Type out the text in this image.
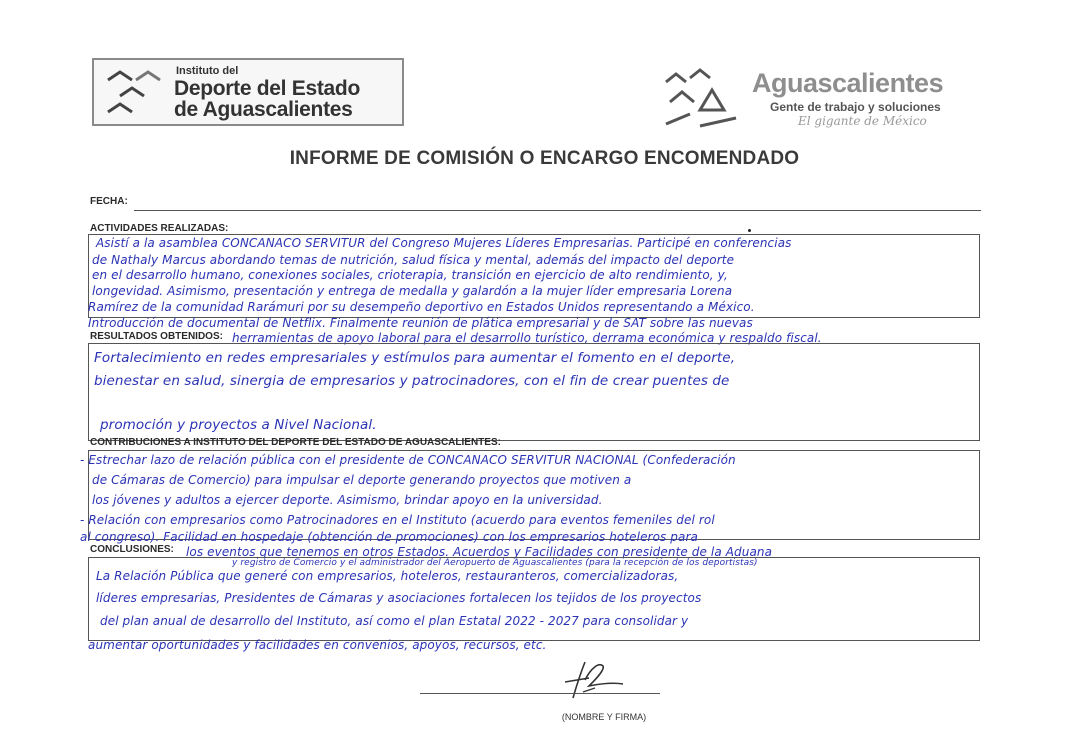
Instituto del
Deporte del Estado
de Aguascalientes
Aguascalientes
Gente de trabajo y soluciones
El gigante de México
INFORME DE COMISIÓN O ENCARGO ENCOMENDADO
FECHA:
ACTIVIDADES REALIZADAS:
Asistí a la asamblea CONCANACO SERVITUR del Congreso Mujeres Líderes Empresarias. Participé en conferencias
de Nathaly Marcus abordando temas de nutrición, salud física y mental, además del impacto del deporte
en el desarrollo humano, conexiones sociales, crioterapia, transición en ejercicio de alto rendimiento, y,
longevidad. Asimismo, presentación y entrega de medalla y galardón a la mujer líder empresaria Lorena
Ramírez de la comunidad Rarámuri por su desempeño deportivo en Estados Unidos representando a México.
Introducción de documental de Netflix. Finalmente reunión de plática empresarial y de SAT sobre las nuevas
herramientas de apoyo laboral para el desarrollo turístico, derrama económica y respaldo fiscal.
RESULTADOS OBTENIDOS:
Fortalecimiento en redes empresariales y estímulos para aumentar el fomento en el deporte,
bienestar en salud, sinergia de empresarios y patrocinadores, con el fin de crear puentes de
promoción y proyectos a Nivel Nacional.
CONTRIBUCIONES A INSTITUTO DEL DEPORTE DEL ESTADO DE AGUASCALIENTES:
- Estrechar lazo de relación pública con el presidente de CONCANACO SERVITUR NACIONAL (Confederación
de Cámaras de Comercio) para impulsar el deporte generando proyectos que motiven a
los jóvenes y adultos a ejercer deporte. Asimismo, brindar apoyo en la universidad.
- Relación con empresarios como Patrocinadores en el Instituto (acuerdo para eventos femeniles del rol
al congreso). Facilidad en hospedaje (obtención de promociones) con los empresarios hoteleros para
los eventos que tenemos en otros Estados. Acuerdos y Facilidades con presidente de la Aduana
y registro de Comercio y el administrador del Aeropuerto de Aguascalientes (para la recepción de los deportistas)
CONCLUSIONES:
La Relación Pública que generé con empresarios, hoteleros, restauranteros, comercializadoras,
líderes empresarias, Presidentes de Cámaras y asociaciones fortalecen los tejidos de los proyectos
del plan anual de desarrollo del Instituto, así como el plan Estatal 2022 - 2027 para consolidar y
aumentar oportunidades y facilidades en convenios, apoyos, recursos, etc.
(NOMBRE Y FIRMA)
